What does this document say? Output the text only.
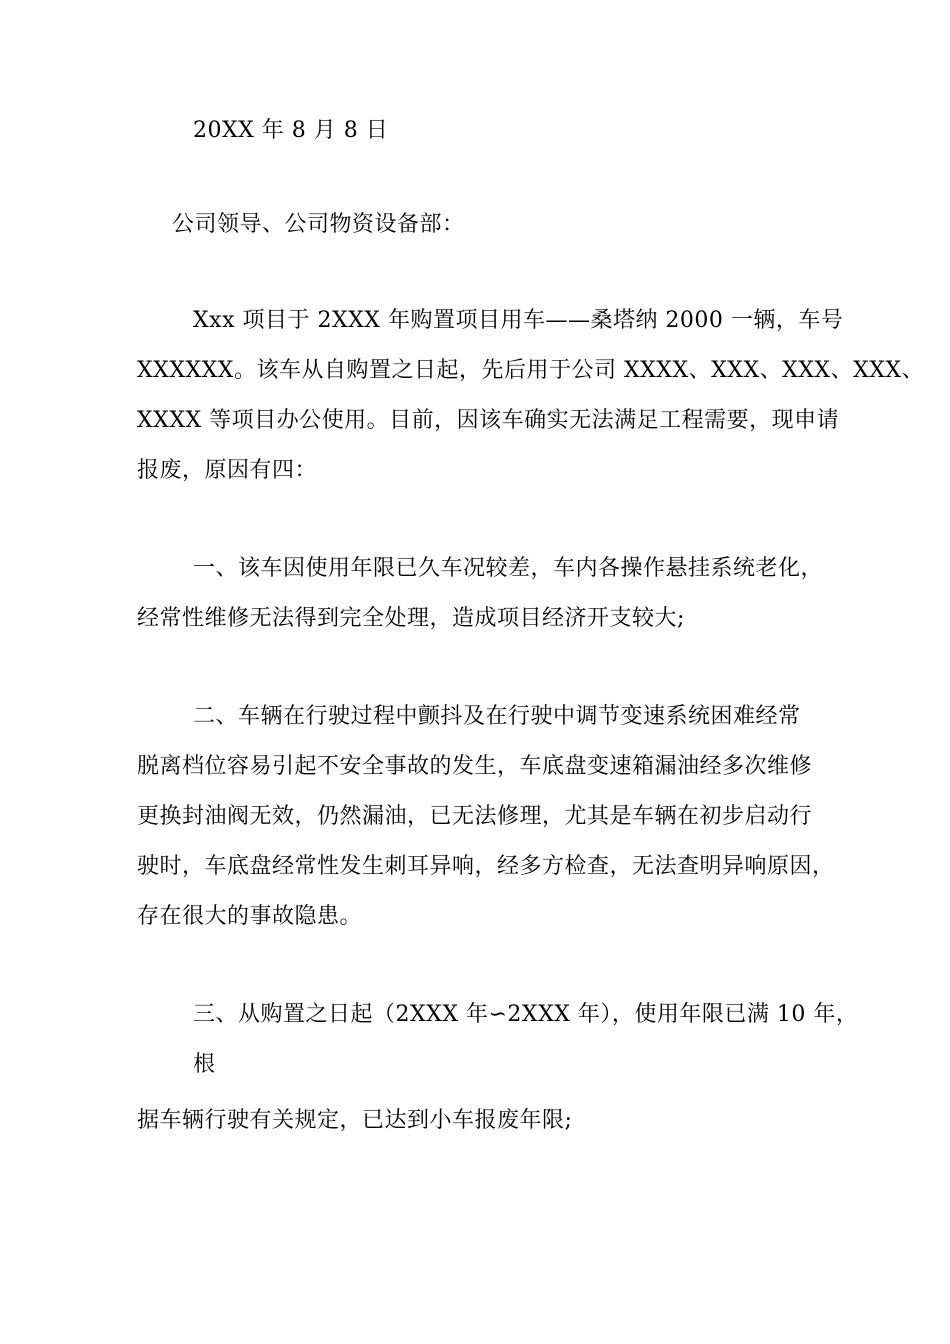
20XX 年 8 月 8 日
公司领导、公司物资设备部：
Xxx 项目于 2XXX 年购置项目用车——桑塔纳 2000 一辆，车号
XXXXXX。该车从自购置之日起，先后用于公司 XXXX、XXX、XXX、XXX、
XXXX 等项目办公使用。目前，因该车确实无法满足工程需要，现申请
报废，原因有四：
一、该车因使用年限已久车况较差，车内各操作悬挂系统老化，
经常性维修无法得到完全处理，造成项目经济开支较大;
二、车辆在行驶过程中颤抖及在行驶中调节变速系统困难经常
脱离档位容易引起不安全事故的发生，车底盘变速箱漏油经多次维修
更换封油阀无效，仍然漏油，已无法修理，尤其是车辆在初步启动行
驶时，车底盘经常性发生刺耳异响，经多方检查，无法查明异响原因，
存在很大的事故隐患。
三、从购置之日起（2XXX 年∽2XXX 年），使用年限已满 10 年，
根
据车辆行驶有关规定，已达到小车报废年限;
